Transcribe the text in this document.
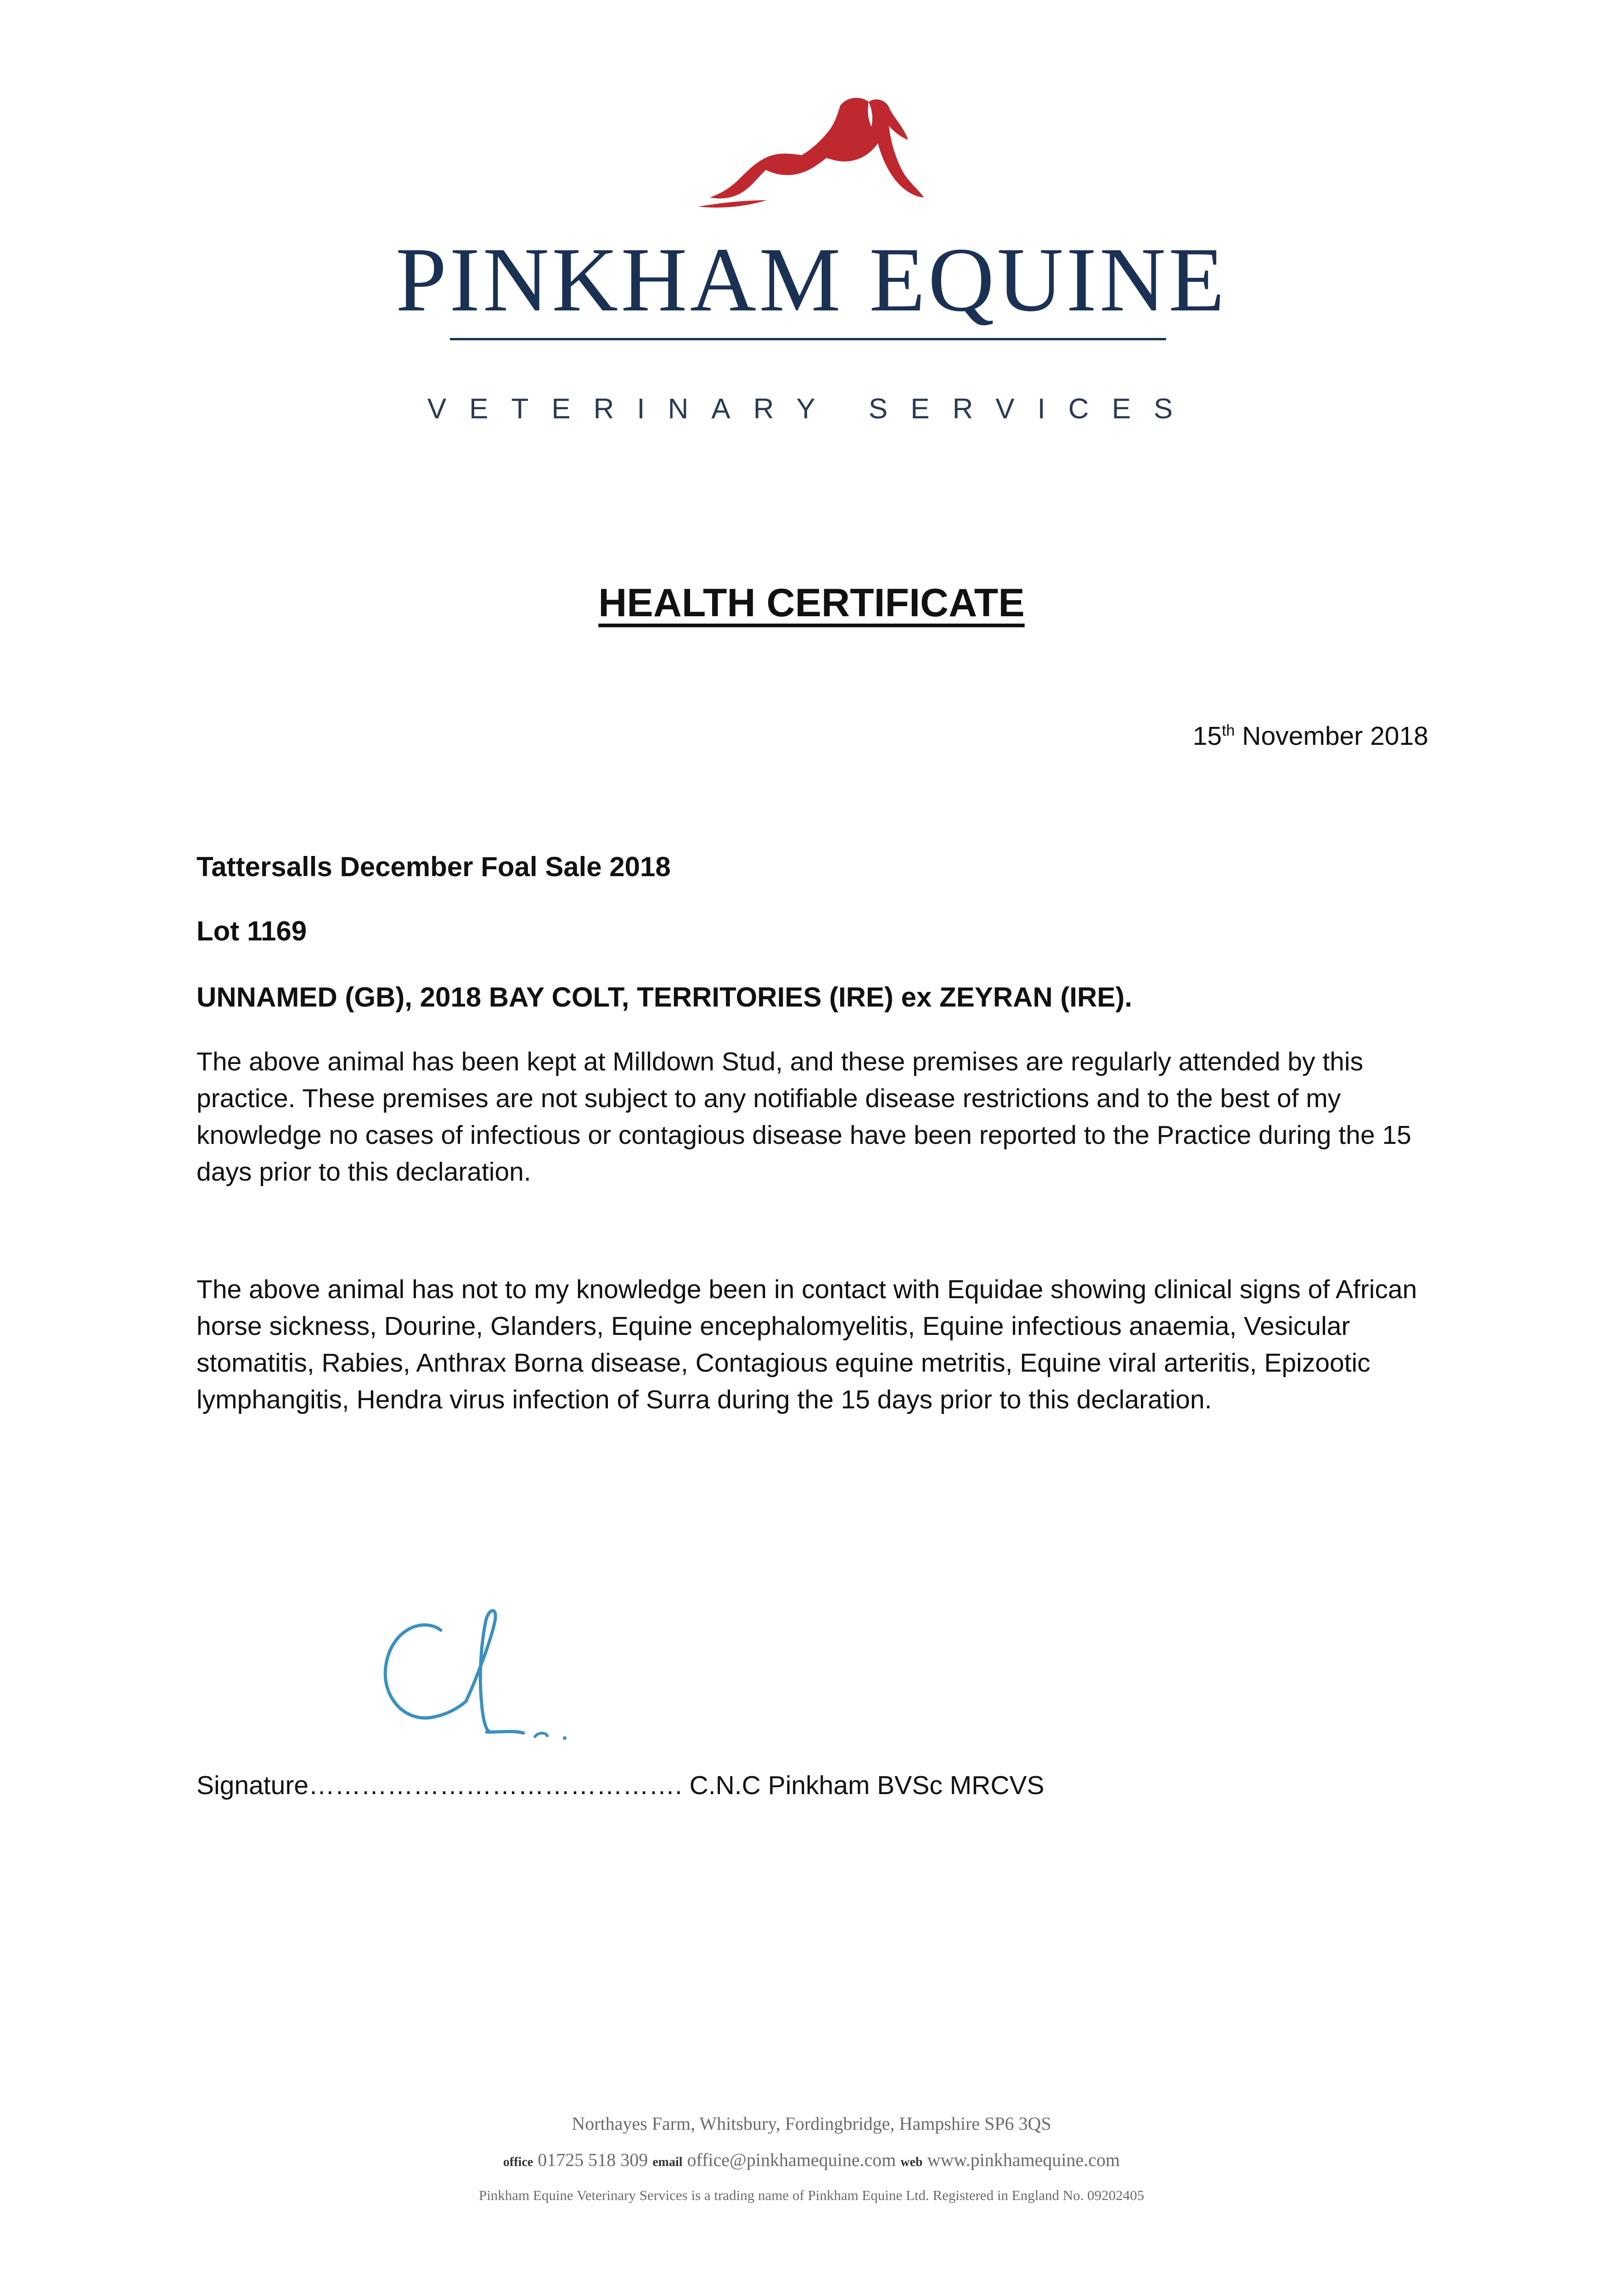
PINKHAM EQUINE
VETERINARY SERVICES
HEALTH CERTIFICATE
15th November 2018
Tattersalls December Foal Sale 2018
Lot 1169
UNNAMED (GB), 2018 BAY COLT, TERRITORIES (IRE) ex ZEYRAN (IRE).

The above animal has been kept at Milldown Stud, and these premises are regularly attended by this practice. These premises are not subject to any notifiable disease restrictions and to the best of my knowledge no cases of infectious or contagious disease have been reported to the Practice during the 15 days prior to this declaration.

The above animal has not to my knowledge been in contact with Equidae showing clinical signs of African horse sickness, Dourine, Glanders, Equine encephalomyelitis, Equine infectious anaemia, Vesicular stomatitis, Rabies, Anthrax Borna disease, Contagious equine metritis, Equine viral arteritis, Epizootic lymphangitis, Hendra virus infection of Surra during the 15 days prior to this declaration.

Signature……………………………………. C.N.C Pinkham BVSc MRCVS
Northayes Farm, Whitsbury, Fordingbridge, Hampshire SP6 3QS
office 01725 518 309 email office@pinkhamequine.com web www.pinkhamequine.com
Pinkham Equine Veterinary Services is a trading name of Pinkham Equine Ltd. Registered in England No. 09202405
